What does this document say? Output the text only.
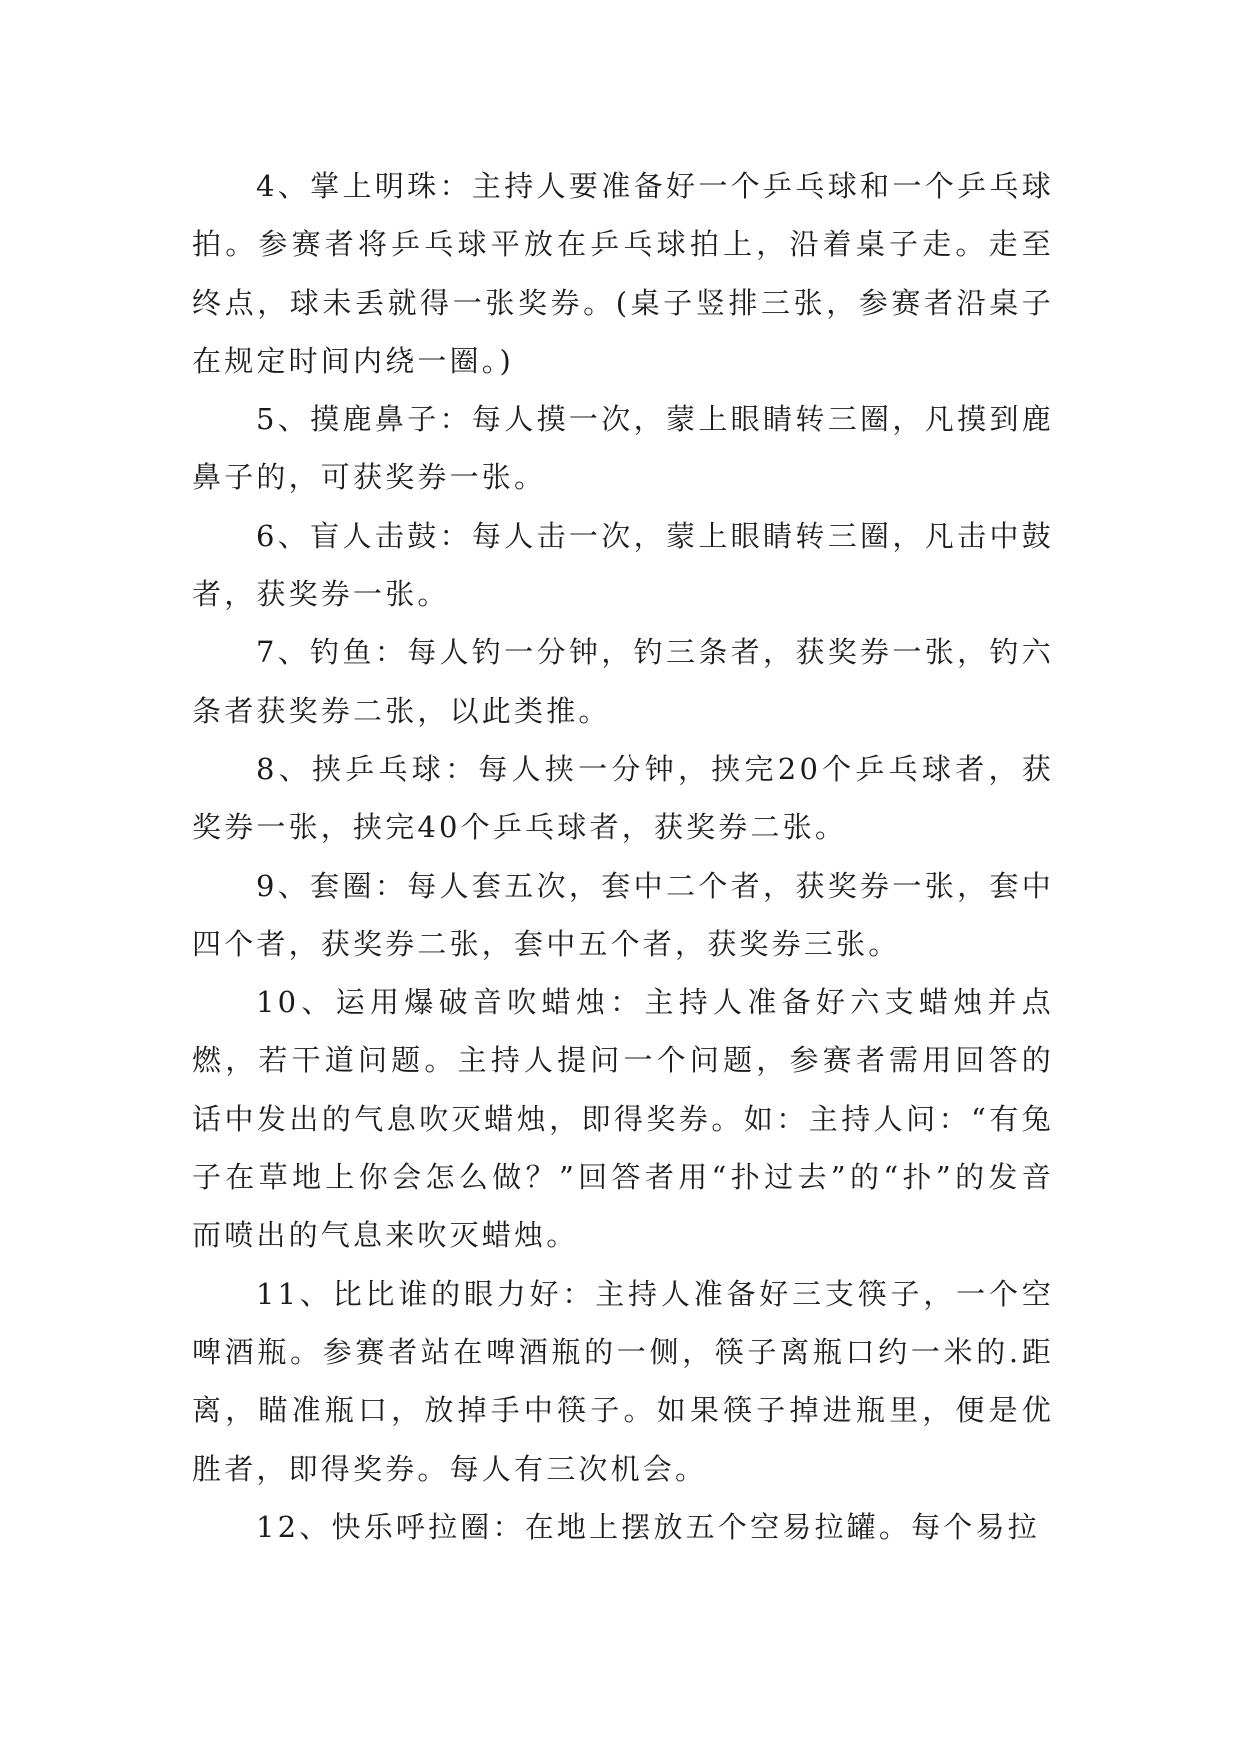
4、掌上明珠：主持人要准备好一个乒乓球和一个乒乓球拍。参赛者将乒乓球平放在乒乓球拍上，沿着桌子走。走至终点，球未丢就得一张奖券。(桌子竖排三张，参赛者沿桌子在规定时间内绕一圈。)

5、摸鹿鼻子：每人摸一次，蒙上眼睛转三圈，凡摸到鹿鼻子的，可获奖券一张。

6、盲人击鼓：每人击一次，蒙上眼睛转三圈，凡击中鼓者，获奖券一张。

7、钓鱼：每人钓一分钟，钓三条者，获奖券一张，钓六条者获奖券二张，以此类推。

8、挟乒乓球：每人挟一分钟，挟完20个乒乓球者，获奖券一张，挟完40个乒乓球者，获奖券二张。

9、套圈：每人套五次，套中二个者，获奖券一张，套中四个者，获奖券二张，套中五个者，获奖券三张。

10、运用爆破音吹蜡烛：主持人准备好六支蜡烛并点燃，若干道问题。主持人提问一个问题，参赛者需用回答的话中发出的气息吹灭蜡烛，即得奖券。如：主持人问：“有兔子在草地上你会怎么做？”回答者用“扑过去”的“扑”的发音而喷出的气息来吹灭蜡烛。

11、比比谁的眼力好：主持人准备好三支筷子，一个空啤酒瓶。参赛者站在啤酒瓶的一侧，筷子离瓶口约一米的.距离，瞄准瓶口，放掉手中筷子。如果筷子掉进瓶里，便是优胜者，即得奖券。每人有三次机会。

12、快乐呼拉圈：在地上摆放五个空易拉罐。每个易拉
